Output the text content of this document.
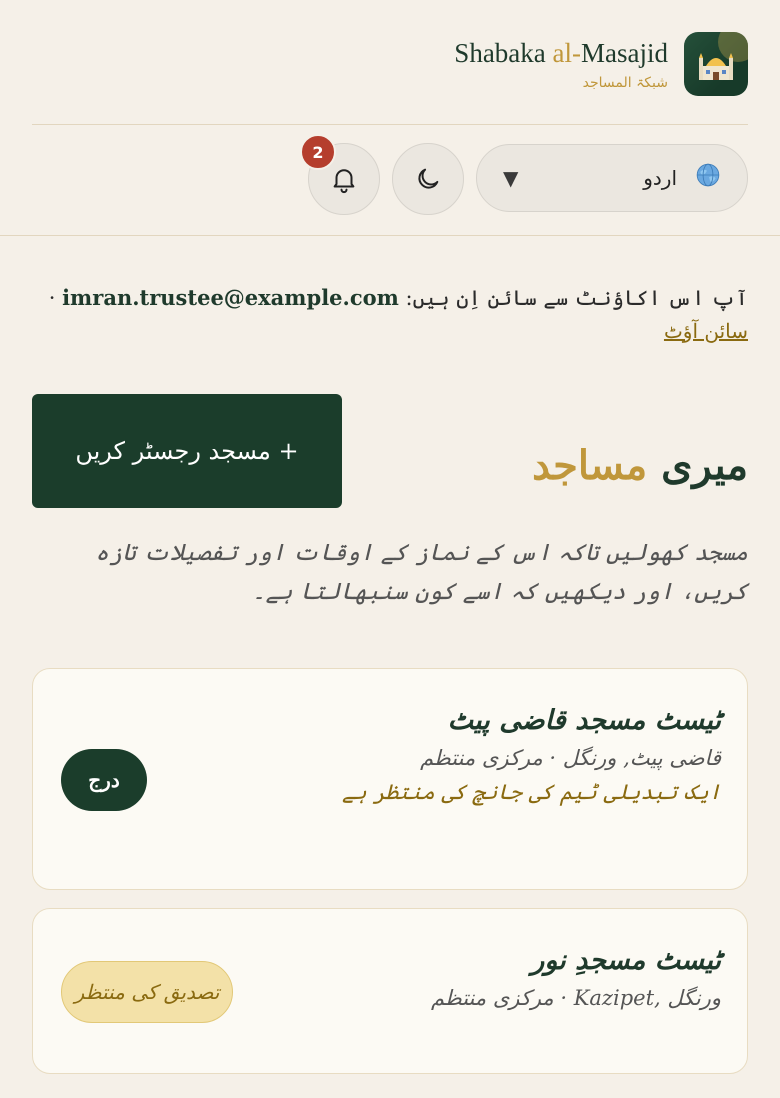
Shabaka al-Masajid
شبکۃ المساجد
2
▼	اردو
آپ اس اکاؤنٹ سے سائن اِن ہیں: imran.trustee@example.com ·
سائن آؤٹ
میری مساجد
+ مسجد رجسٹر کریں
مسجد کھولیں تاکہ اس کے نماز کے اوقات اور تفصیلات تازہ کریں، اور دیکھیں کہ اسے کون سنبھالتا ہے۔
ٹیسٹ مسجد قاضی پیٹ
قاضی پیٹ, ورنگل · مرکزی منتظم
ایک تبدیلی ٹیم کی جانچ کی منتظر ہے
درج
ٹیسٹ مسجدِ نور
ورنگل ,Kazipet · مرکزی منتظم
تصدیق کی منتظر
